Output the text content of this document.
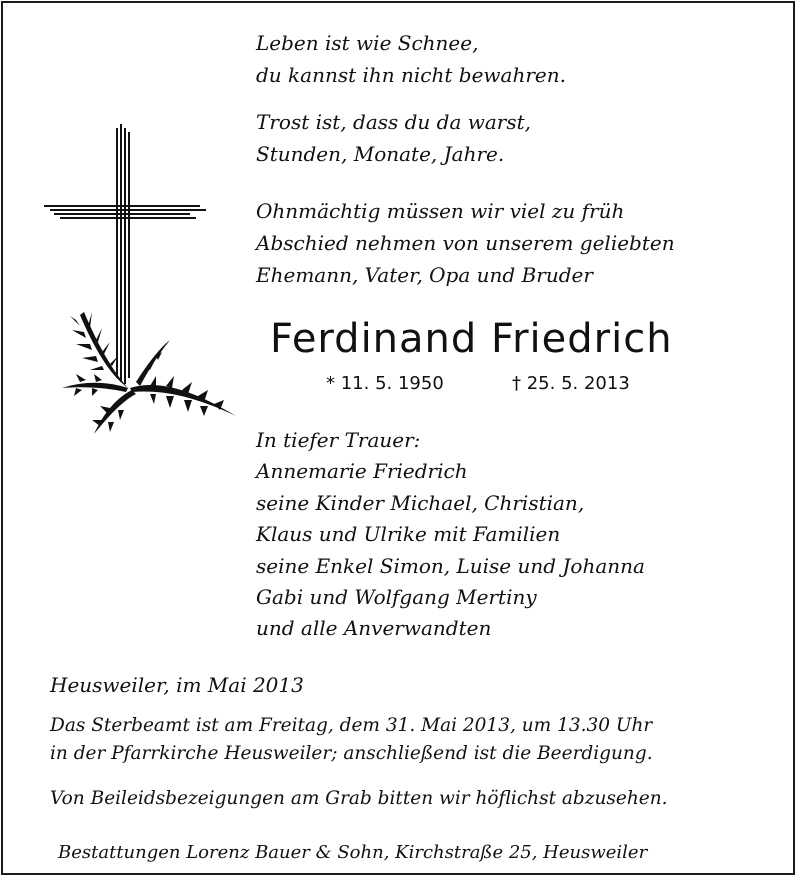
Leben ist wie Schnee,
du kannst ihn nicht bewahren.
Trost ist, dass du da warst,
Stunden, Monate, Jahre.
Ohnmächtig müssen wir viel zu früh
Abschied nehmen von unserem geliebten
Ehemann, Vater, Opa und Bruder
Ferdinand Friedrich
* 11. 5. 1950	† 25. 5. 2013
In tiefer Trauer:
Annemarie Friedrich
seine Kinder Michael, Christian,
Klaus und Ulrike mit Familien
seine Enkel Simon, Luise und Johanna
Gabi und Wolfgang Mertiny
und alle Anverwandten
Heusweiler, im Mai 2013
Das Sterbeamt ist am Freitag, dem 31. Mai 2013, um 13.30 Uhr
in der Pfarrkirche Heusweiler; anschließend ist die Beerdigung.
Von Beileidsbezeigungen am Grab bitten wir höflichst abzusehen.
Bestattungen Lorenz Bauer & Sohn, Kirchstraße 25, Heusweiler
